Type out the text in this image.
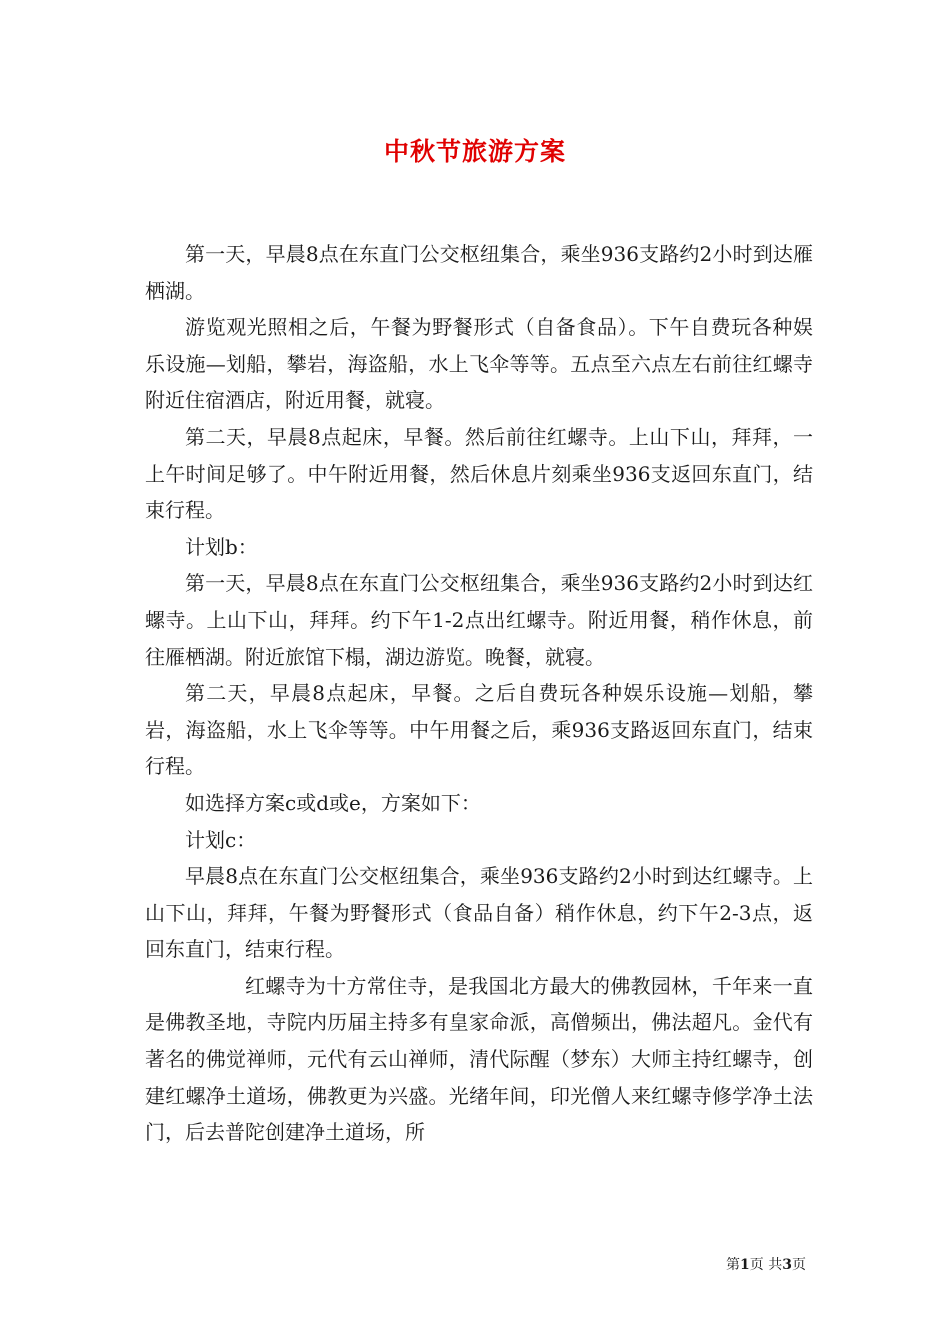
中秋节旅游方案

第一天，早晨8点在东直门公交枢纽集合，乘坐936支路约2小时到达雁栖湖。

游览观光照相之后，午餐为野餐形式（自备食品）。下午自费玩各种娱乐设施—划船，攀岩，海盗船，水上飞伞等等。五点至六点左右前往红螺寺附近住宿酒店，附近用餐，就寝。

第二天，早晨8点起床，早餐。然后前往红螺寺。上山下山，拜拜，一上午时间足够了。中午附近用餐，然后休息片刻乘坐936支返回东直门，结束行程。

计划b：

第一天，早晨8点在东直门公交枢纽集合，乘坐936支路约2小时到达红螺寺。上山下山，拜拜。约下午1-2点出红螺寺。附近用餐，稍作休息，前往雁栖湖。附近旅馆下榻，湖边游览。晚餐，就寝。

第二天，早晨8点起床，早餐。之后自费玩各种娱乐设施—划船，攀岩，海盗船，水上飞伞等等。中午用餐之后，乘936支路返回东直门，结束行程。

如选择方案c或d或e，方案如下：

计划c：

早晨8点在东直门公交枢纽集合，乘坐936支路约2小时到达红螺寺。上山下山，拜拜，午餐为野餐形式（食品自备）稍作休息，约下午2-3点，返回东直门，结束行程。

红螺寺为十方常住寺，是我国北方最大的佛教园林，千年来一直是佛教圣地，寺院内历届主持多有皇家命派，高僧频出，佛法超凡。金代有著名的佛觉禅师，元代有云山禅师，清代际醒（梦东）大师主持红螺寺，创建红螺净土道场，佛教更为兴盛。光绪年间，印光僧人来红螺寺修学净土法门，后去普陀创建净土道场，所

第1页 共3页
